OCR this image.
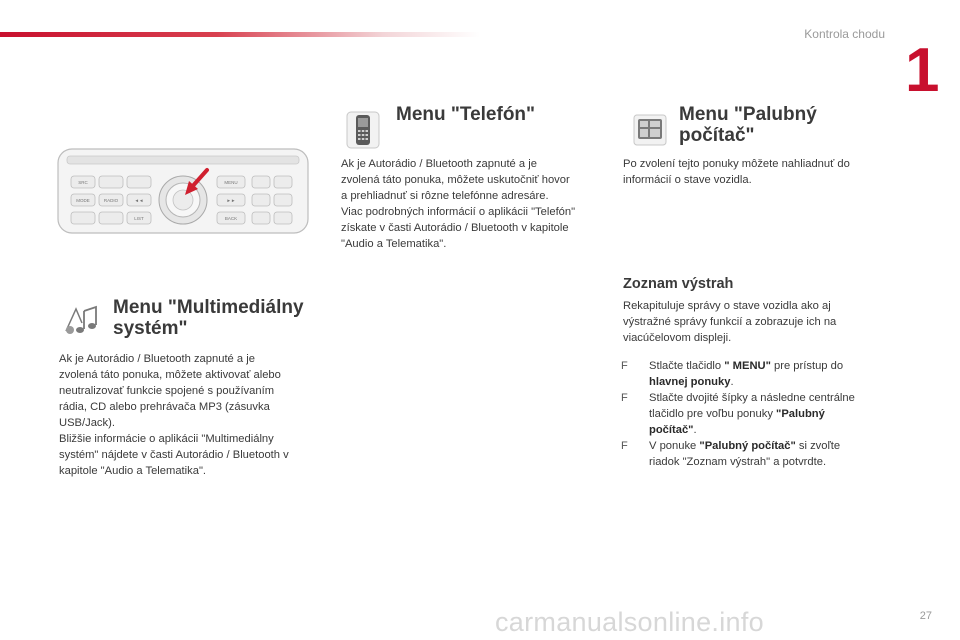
Kontrola chodu
1
SRC
MODE	RADIO
MENU
BACK
LIST
◄◄	►►
Menu "Multimediálny
systém"

Ak je Autorádio / Bluetooth zapnuté a je

zvolená táto ponuka, môžete aktivovať alebo

neutralizovať funkcie spojené s používaním

rádia, CD alebo prehrávača MP3 (zásuvka

USB/Jack).

Bližšie informácie o aplikácii "Multimediálny

systém" nájdete v časti Autorádio / Bluetooth v

kapitole "Audio a Telematika".

Menu "Telefón"

Ak je Autorádio / Bluetooth zapnuté a je

zvolená táto ponuka, môžete uskutočniť hovor

a prehliadnuť si rôzne telefónne adresáre.

Viac podrobných informácií o aplikácii "Telefón"

získate v časti Autorádio / Bluetooth v kapitole

"Audio a Telematika".

Menu "Palubný
počítač"

Po zvolení tejto ponuky môžete nahliadnuť do

informácií o stave vozidla.

Zoznam výstrah

Rekapituluje správy o stave vozidla ako aj

výstražné správy funkcií a zobrazuje ich na

viacúčelovom displeji.

F Stlačte tlačidlo " MENU" pre prístup do
hlavnej ponuky.
F Stlačte dvojité šípky a následne centrálne
tlačidlo pre voľbu ponuky "Palubný
počítač".
F V ponuke "Palubný počítač" si zvoľte
riadok "Zoznam výstrah" a potvrdte.
carmanualsonline.info	27
